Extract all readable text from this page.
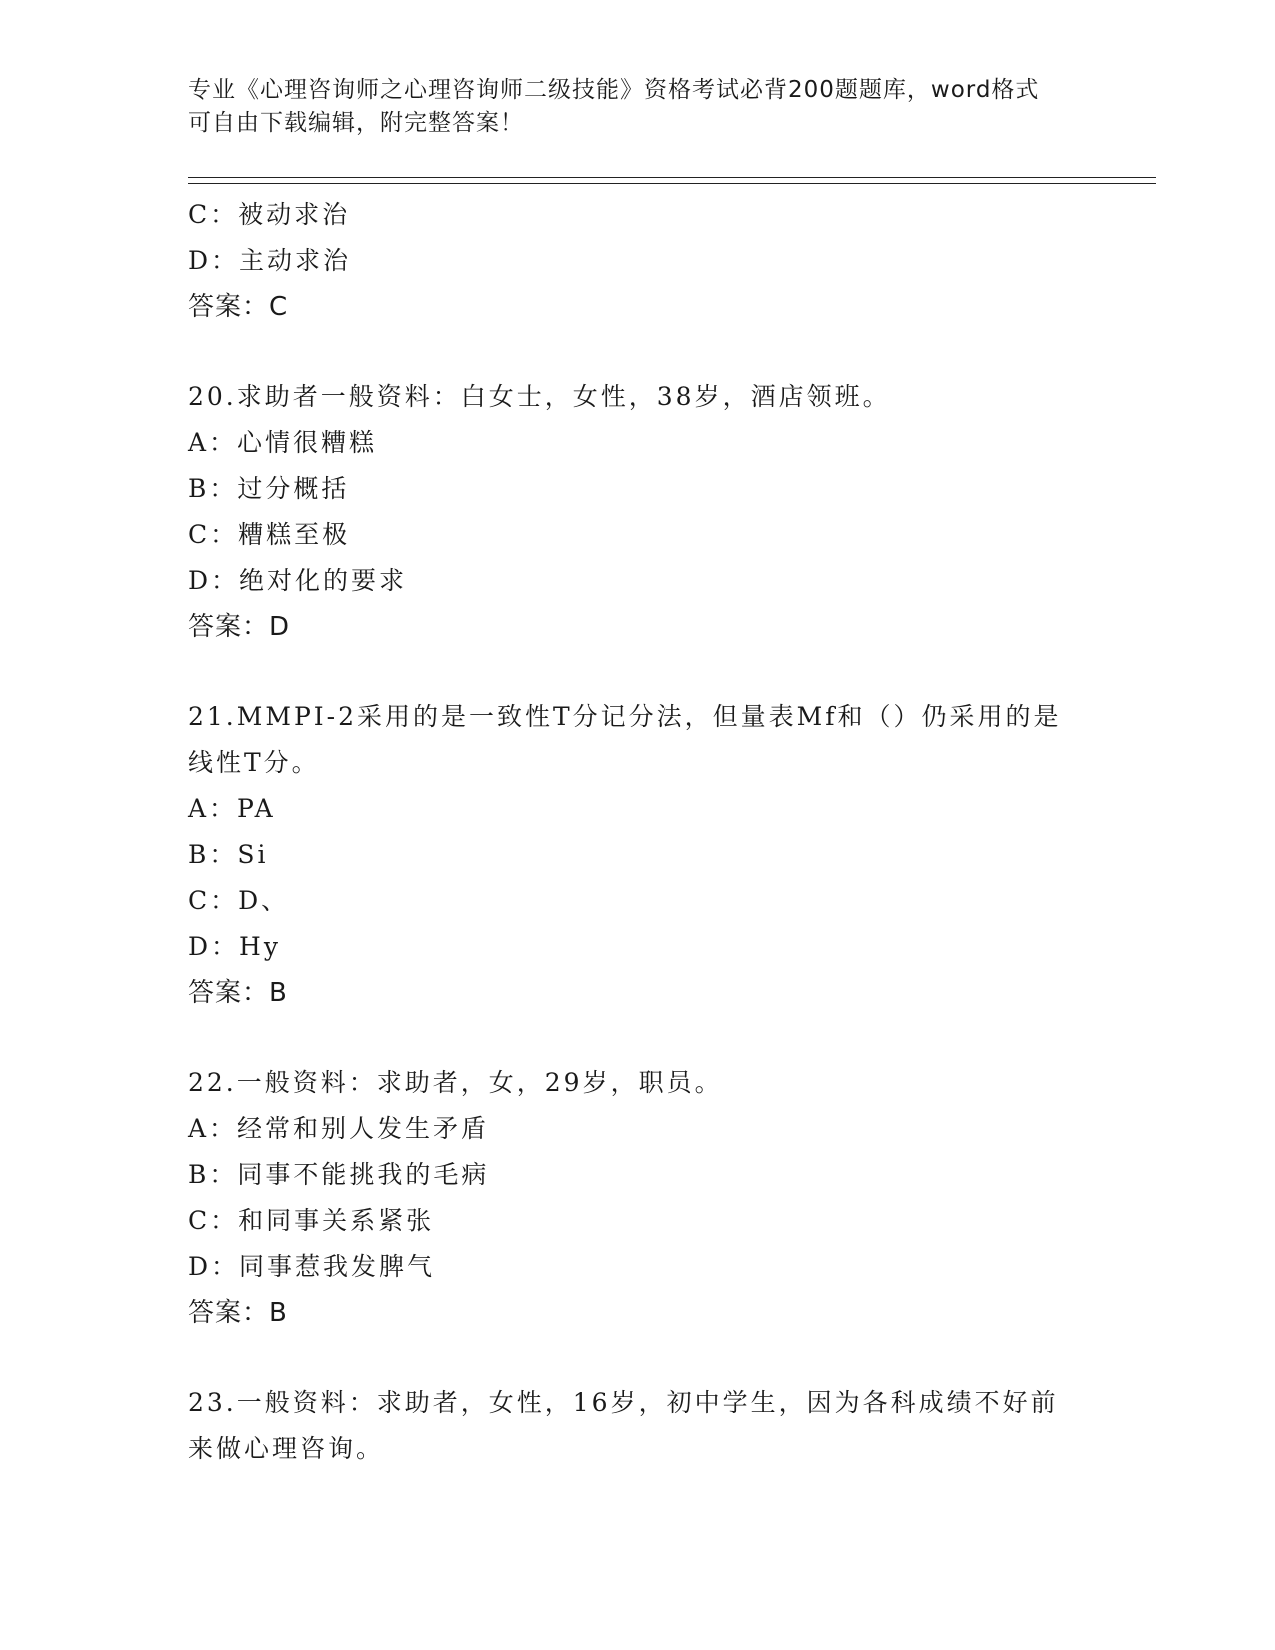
专业《心理咨询师之心理咨询师二级技能》资格考试必背200题题库，word格式
可自由下载编辑，附完整答案！
C：被动求治
D：主动求治
答案：C
20.求助者一般资料：白女士，女性，38岁，酒店领班。
A：心情很糟糕
B：过分概括
C：糟糕至极
D：绝对化的要求
答案：D
21.MMPI-2采用的是一致性T分记分法，但量表Mf和（）仍采用的是
线性T分。
A：PA
B：Si
C：D、
D：Hy
答案：B
22.一般资料：求助者，女，29岁，职员。
A：经常和别人发生矛盾
B：同事不能挑我的毛病
C：和同事关系紧张
D：同事惹我发脾气
答案：B
23.一般资料：求助者，女性，16岁，初中学生，因为各科成绩不好前
来做心理咨询。
